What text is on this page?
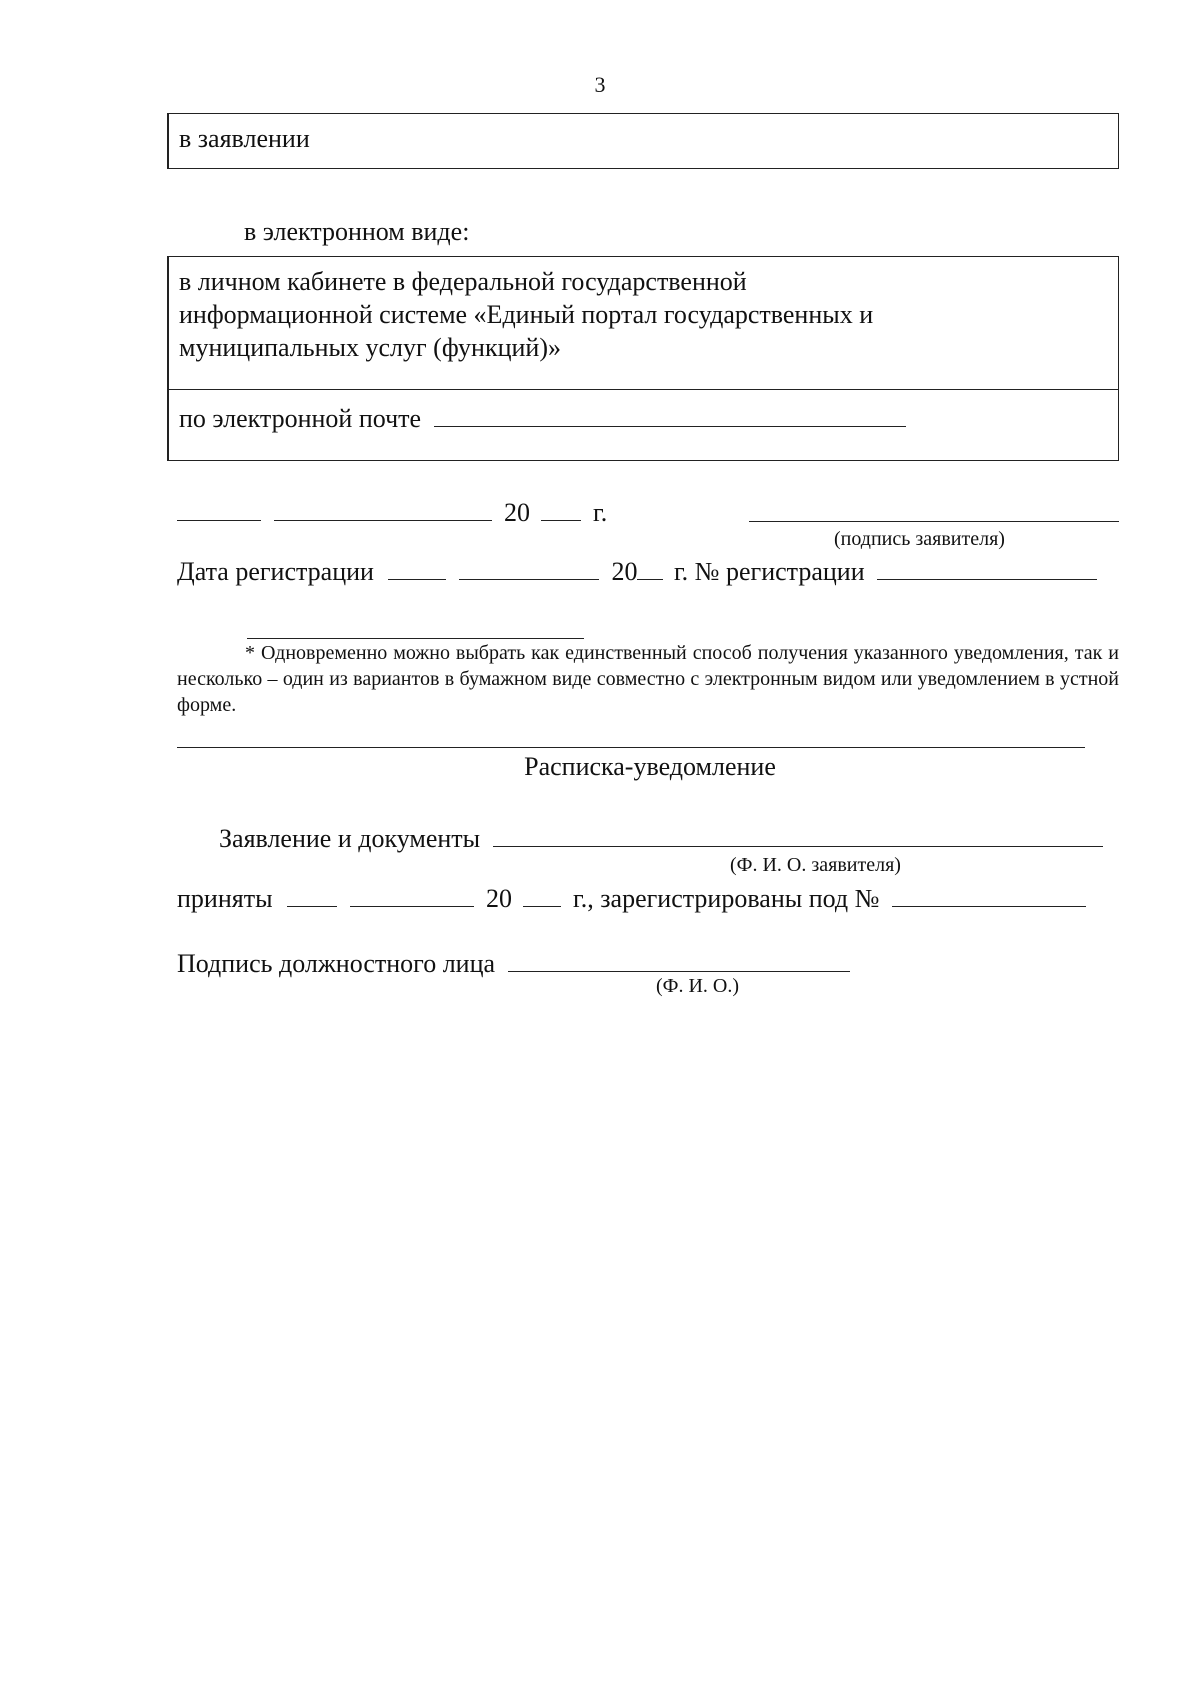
3
	в заявлении
в электронном виде:

в личном кабинете в федеральной государственной информационной системе «Единый портал государственных и муниципальных услуг (функций)»

	по электронной почте
20 г.
(подпись заявителя)
Дата регистрации	20 г. № регистрации
* Одновременно можно выбрать как единственный способ получения указанного уведомления, так и несколько – один из вариантов в бумажном виде совместно с электронным видом или уведомлением в устной форме.
Расписка-уведомление
Заявление и документы
(Ф. И. О. заявителя)
приняты	20 г., зарегистрированы под №
Подпись должностного лица
(Ф. И. О.)
